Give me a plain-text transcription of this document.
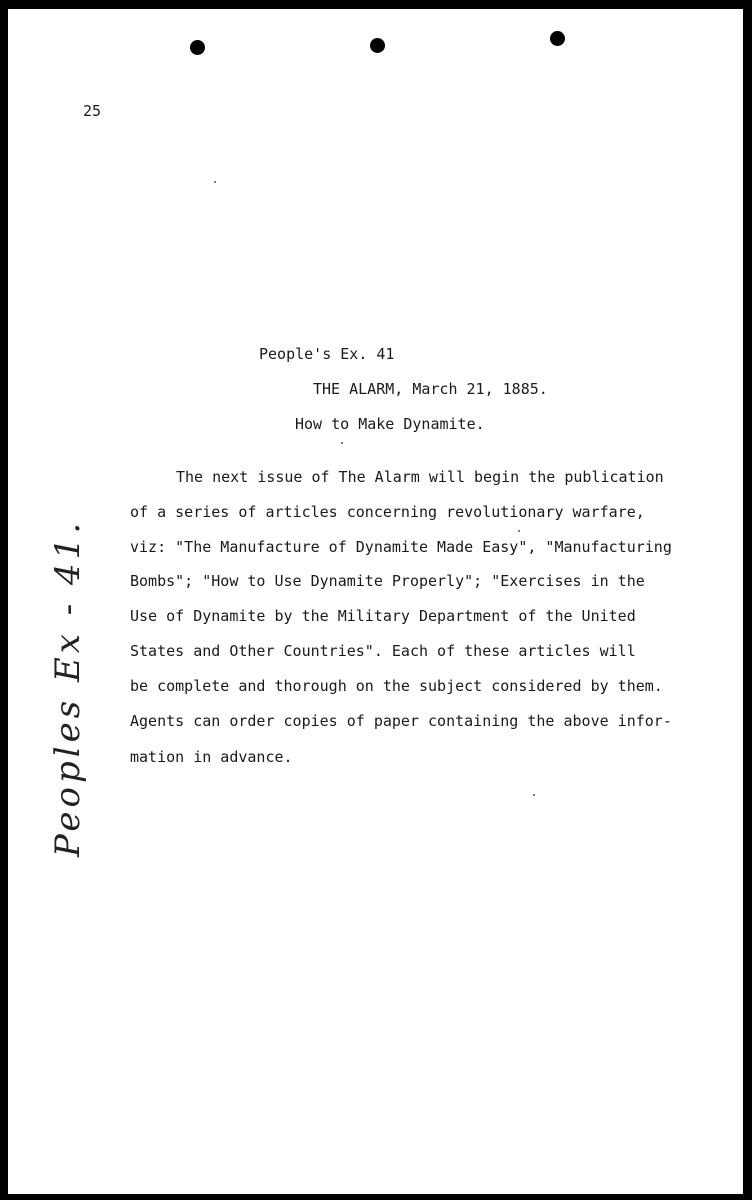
25

People's Ex. 41

THE ALARM, March 21, 1885.

How to Make Dynamite.

The next issue of The Alarm will begin the publication

of a series of articles concerning revolutionary warfare,

viz: "The Manufacture of Dynamite Made Easy", "Manufacturing

Bombs"; "How to Use Dynamite Properly"; "Exercises in the

Use of Dynamite by the Military Department of the United

States and Other Countries". Each of these articles will

be complete and thorough on the subject considered by them.

Agents can order copies of paper containing the above infor-

mation in advance.

Peoples Ex - 41.
